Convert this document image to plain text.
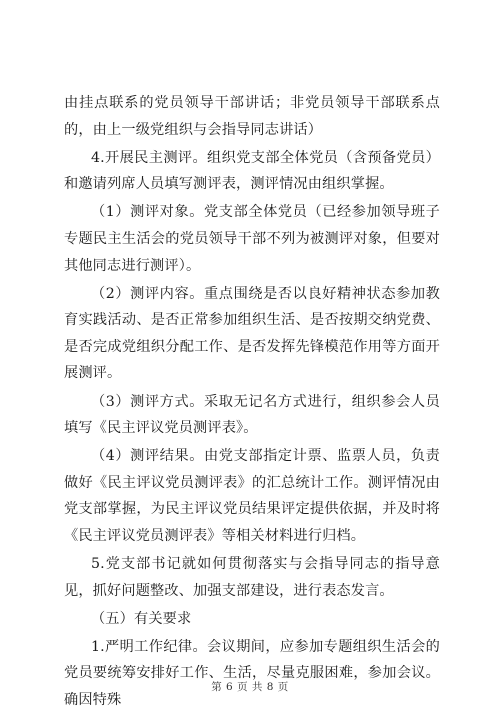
由挂点联系的党员领导干部讲话；非党员领导干部联系点的，由上一级党组织与会指导同志讲话）

4.开展民主测评。组织党支部全体党员（含预备党员）和邀请列席人员填写测评表，测评情况由组织掌握。

（1）测评对象。党支部全体党员（已经参加领导班子专题民主生活会的党员领导干部不列为被测评对象，但要对其他同志进行测评）。

（2）测评内容。重点围绕是否以良好精神状态参加教育实践活动、是否正常参加组织生活、是否按期交纳党费、是否完成党组织分配工作、是否发挥先锋模范作用等方面开展测评。

（3）测评方式。采取无记名方式进行，组织参会人员填写《民主评议党员测评表》。

（4）测评结果。由党支部指定计票、监票人员，负责做好《民主评议党员测评表》的汇总统计工作。测评情况由党支部掌握，为民主评议党员结果评定提供依据，并及时将《民主评议党员测评表》等相关材料进行归档。

5.党支部书记就如何贯彻落实与会指导同志的指导意见，抓好问题整改、加强支部建设，进行表态发言。

（五）有关要求

1.严明工作纪律。会议期间，应参加专题组织生活会的党员要统筹安排好工作、生活，尽量克服困难，参加会议。确因特殊

第 6 页 共 8 页
